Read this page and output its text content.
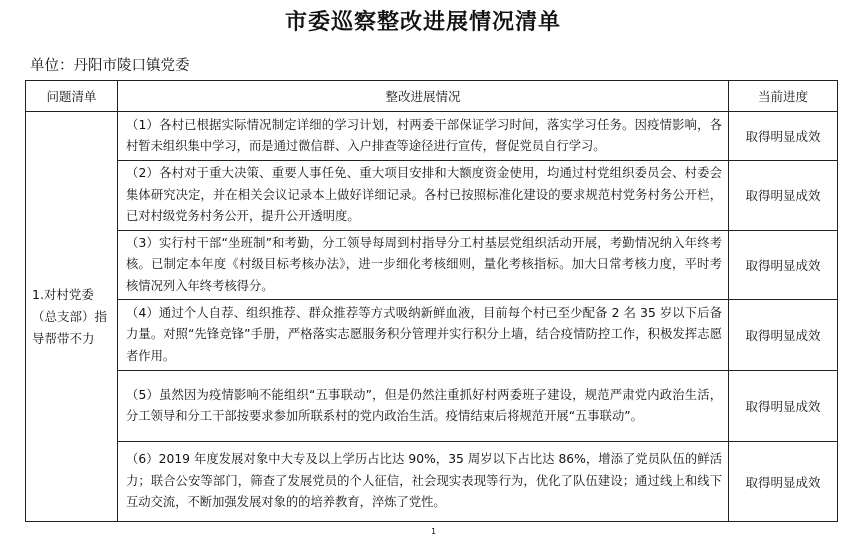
市委巡察整改进展情况清单
单位：丹阳市陵口镇党委
问题清单	整改进展情况	当前进度
1.对村党委（总支部）指导帮带不力	（1）各村已根据实际情况制定详细的学习计划，村两委干部保证学习时间，落实学习任务。因疫情影响，各村暂未组织集中学习，而是通过微信群、入户排查等途径进行宣传，督促党员自行学习。	取得明显成效
	（2）各村对于重大决策、重要人事任免、重大项目安排和大额度资金使用，均通过村党组织委员会、村委会集体研究决定，并在相关会议记录本上做好详细记录。各村已按照标准化建设的要求规范村党务村务公开栏，已对村级党务村务公开，提升公开透明度。	取得明显成效
	（3）实行村干部“坐班制”和考勤，分工领导每周到村指导分工村基层党组织活动开展，考勤情况纳入年终考核。已制定本年度《村级目标考核办法》，进一步细化考核细则，量化考核指标。加大日常考核力度，平时考核情况列入年终考核得分。	取得明显成效
	（4）通过个人自荐、组织推荐、群众推荐等方式吸纳新鲜血液，目前每个村已至少配备 2 名 35 岁以下后备力量。对照“先锋竞锋”手册，严格落实志愿服务积分管理并实行积分上墙，结合疫情防控工作，积极发挥志愿者作用。	取得明显成效
	（5）虽然因为疫情影响不能组织“五事联动”，但是仍然注重抓好村两委班子建设，规范严肃党内政治生活，分工领导和分工干部按要求参加所联系村的党内政治生活。疫情结束后将规范开展“五事联动”。	取得明显成效
	（6）2019 年度发展对象中大专及以上学历占比达 90%，35 周岁以下占比达 86%，增添了党员队伍的鲜活力；联合公安等部门，筛查了发展党员的个人征信，社会现实表现等行为，优化了队伍建设；通过线上和线下互动交流，不断加强发展对象的的培养教育，淬炼了党性。	取得明显成效
1
